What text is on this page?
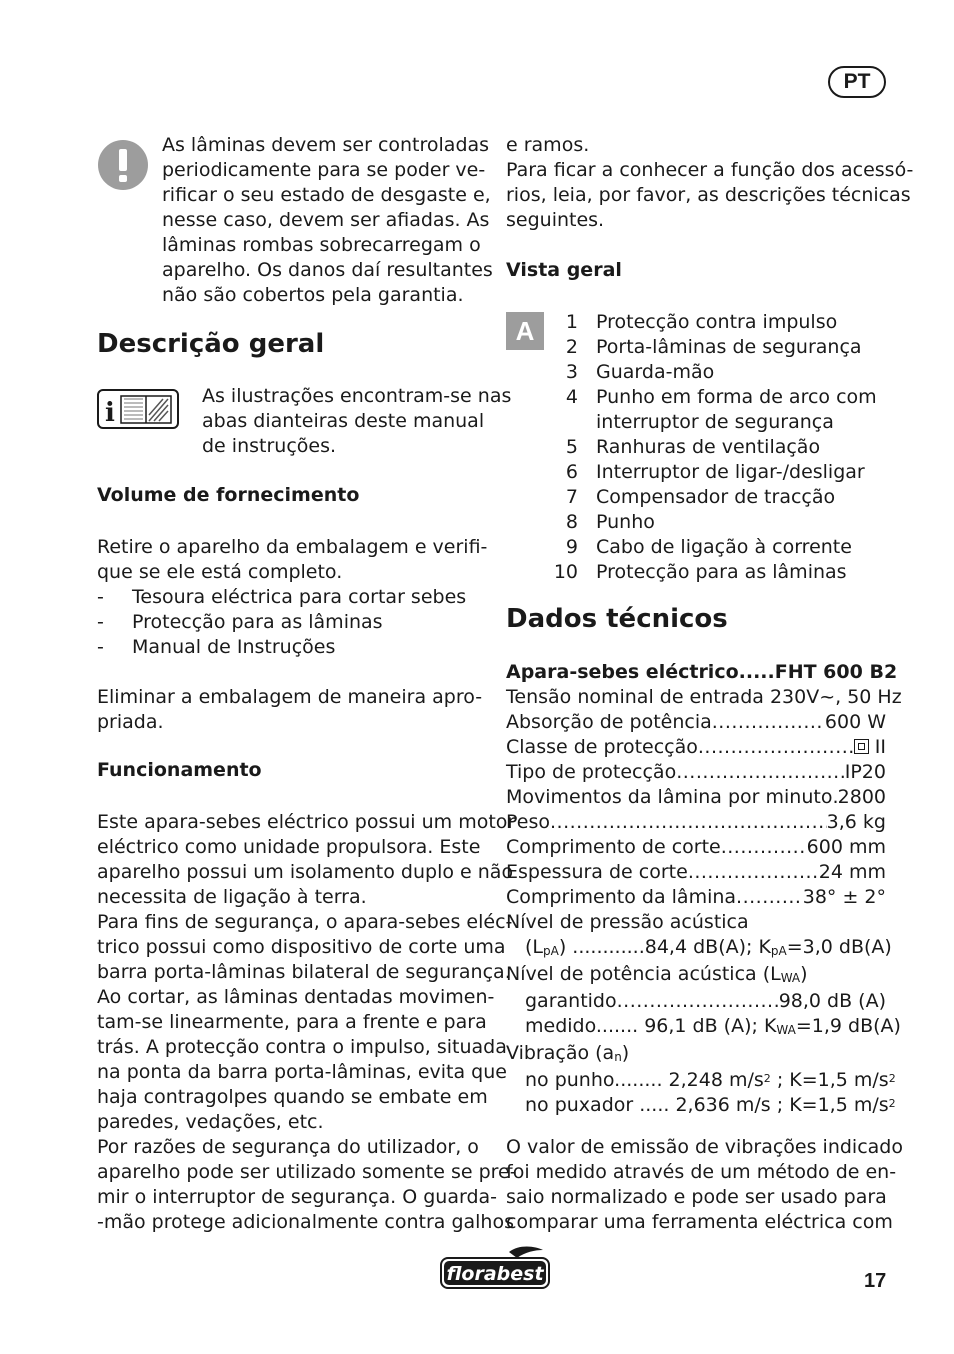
PT
As lâminas devem ser controladas
periodicamente para se poder ve-
rificar o seu estado de desgaste e,
nesse caso, devem ser afiadas. As
lâminas rombas sobrecarregam o
aparelho. Os danos daí resultantes
não são cobertos pela garantia.
Descrição geral
i
As ilustrações encontram-se nas
abas dianteiras deste manual
de instruções.
Volume de fornecimento
Retire o aparelho da embalagem e verifi-
que se ele está completo.
- Tesoura eléctrica para cortar sebes
- Protecção para as lâminas
- Manual de Instruções
Eliminar a embalagem de maneira apro-
priada.
Funcionamento
Este apara-sebes eléctrico possui um motor
eléctrico como unidade propulsora. Este
aparelho possui um isolamento duplo e não
necessita de ligação à terra.
Para fins de segurança, o apara-sebes eléc-
trico possui como dispositivo de corte uma
barra porta-lâminas bilateral de segurança.
Ao cortar, as lâminas dentadas movimen-
tam-se linearmente, para a frente e para
trás. A protecção contra o impulso, situada
na ponta da barra porta-lâminas, evita que
haja contragolpes quando se embate em
paredes, vedações, etc.
Por razões de segurança do utilizador, o
aparelho pode ser utilizado somente se pre-
mir o interruptor de segurança. O guarda-
-mão protege adicionalmente contra galhos
e ramos.
Para ficar a conhecer a função dos acessó-
rios, leia, por favor, as descrições técnicas
seguintes.
Vista geral
A	1 Protecção contra impulso
2 Porta-lâminas de segurança
3 Guarda-mão
4 Punho em forma de arco com
interruptor de segurança
5 Ranhuras de ventilação
6 Interruptor de ligar-/desligar
7 Compensador de tracção
8 Punho
9 Cabo de ligação à corrente
10 Protecção para as lâminas
Dados técnicos
Apara-sebes eléctrico.....FHT 600 B2
Tensão nominal de entrada 230V~, 50 Hz
Absorção de potência .....	600 W
Classe de protecção .....	II
Tipo de protecção .....	IP20
Movimentos da lâmina por minuto ..... 2800
Peso .....	3,6 kg
Comprimento de corte .....	600 mm
Espessura de corte .....	24 mm
Comprimento da lâmina .....	38° ± 2°
Nível de pressão acústica
$(L_{pA})$ ............84,4 dB(A); $K_{pA}=3,0$ dB(A)
Nível de potência acústica $(L_{WA})$
garantido .....	98,0 dB (A)
medido....... 96,1 dB (A); $K_{WA}=1,9$ dB(A)
Vibração $(a_n)$
no punho........ 2,248 $m/s^2$ ; K=1,5 $m/s^2$
no puxador ..... 2,636 m/s ; K=1,5 $m/s^2$
O valor de emissão de vibrações indicado
foi medido através de um método de en-
saio normalizado e pode ser usado para
comparar uma ferramenta eléctrica com
florabest	17
